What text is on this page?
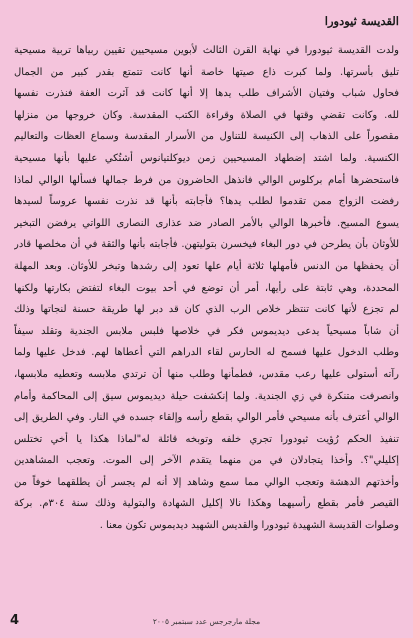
القديسة ثيودورا
ولدت القديسة ثيودورا في نهاية القرن الثالث لأبوين مسيحيين تقيين ربياها تربية مسيحية
تليق بأسرتها. ولما كبرت ذاع صيتها خاصة أنها كانت تتمتع بقدر كبير من الجمال
فحاول شباب وفتيان الأشراف طلب يدها إلا أنها كانت قد آثرت العفة فنذرت نفسها
لله. وكانت تقضي وقتها في الصلاة وقراءة الكتب المقدسة. وكان خروجها من منزلها
مقصوراً على الذهاب إلى الكنيسة للتناول من الأسرار المقدسة وسماع العظات والتعاليم
الكنسية. ولما اشتد إضطهاد المسيحيين زمن ديوكلتيانوس أشتُكي عليها بأنها مسيحية
فاستحضرها أمام بركلوس الوالي فانذهل الحاضرون من فرط جمالها فسألها الوالي لماذا
رفضت الزواج ممن تقدموا لطلب يدها؟ فأجابته بأنها قد نذرت نفسها عروساً لسيدها
يسوع المسيح. فأخبرها الوالي بالأمر الصادر ضد عذارى النصارى اللواتي يرفضن التبخير
للأوثان بأن يطرحن في دور البغاء فيخسرن بتوليتهن. فأجابته بأنها والثقة في أن مخلصها قادر
أن يحفظها من الدنس فأمهلها ثلاثة أيام علها تعود إلى رشدها وتبخر للأوثان. وبعد المهلة
المحددة، وهي ثابتة على رأيها، أمر أن توضع في أحد بيوت البغاء لتفتض بكارتها ولكنها
لم تجزع لأنها كانت تنتظر خلاص الرب الذي كان قد دبر لها طريقة حسنة لنجاتها وذلك
أن شاباً مسيحياً يدعى ديديموس فكر في خلاصها فلبس ملابس الجندية وتقلد سيفاً
وطلب الدخول عليها فسمح له الحارس لقاء الدراهم التي أعطاها لهم. فدخل عليها ولما
رآته أستولى عليها رعب مقدس، فطمأنها وطلب منها أن ترتدي ملابسه وتعطيه ملابسها،
وانصرفت متنكرة في زي الجندية. ولما إنكشفت حيلة ديديموس سيق إلى المحاكمة وأمام
الوالي أعترف بأنه مسيحي فأمر الوالي بقطع رأسه وإلقاء جسده في النار. وفي الطريق إلى
تنفيذ الحكم رُؤيت ثيودورا تجري خلفه وتوبخه قائلة له"لماذا هكذا يا أخي تختلس
إكليلي"؟. وأخذا يتجادلان في من منهما يتقدم الآخر إلى الموت. وتعجب المشاهدين
وأخذتهم الدهشة وتعجب الوالي مما سمع وشاهد إلا أنه لم يجسر أن يطلقهما خوفاً من
القيصر فأمر بقطع رأسيهما وهكذا نالا إكليل الشهادة والبتولية وذلك سنة ٣٠٤م. بركة
وصلوات القديسة الشهيدة ثيودورا والقديس الشهيد ديديموس تكون معنا .
مجلة مارجرجس عدد سبتمبر ٢٠٠٥
4
